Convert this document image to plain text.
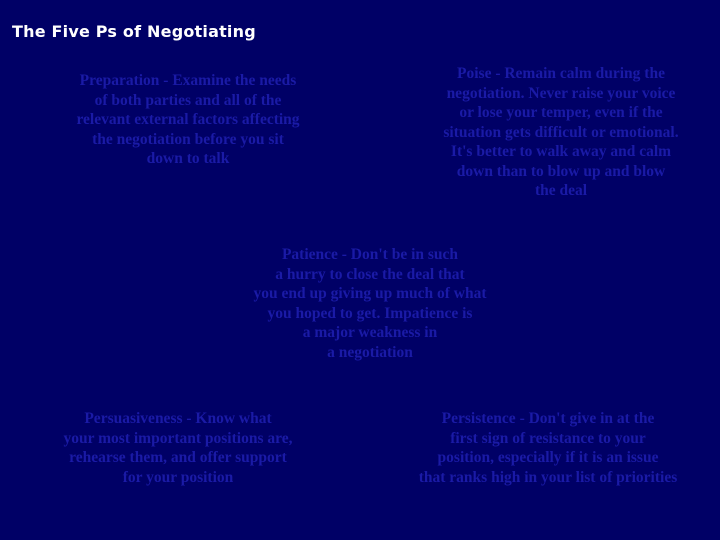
The Five Ps of Negotiating
Preparation - Examine the needs
of both parties and all of the
relevant external factors affecting
the negotiation before you sit
down to talk
Poise - Remain calm during the
negotiation. Never raise your voice
or lose your temper, even if the
situation gets difficult or emotional.
It's better to walk away and calm
down than to blow up and blow
the deal
Patience - Don't be in such
a hurry to close the deal that
you end up giving up much of what
you hoped to get. Impatience is
a major weakness in
a negotiation
Persuasiveness - Know what
your most important positions are,
rehearse them, and offer support
for your position
Persistence - Don't give in at the
first sign of resistance to your
position, especially if it is an issue
that ranks high in your list of priorities
